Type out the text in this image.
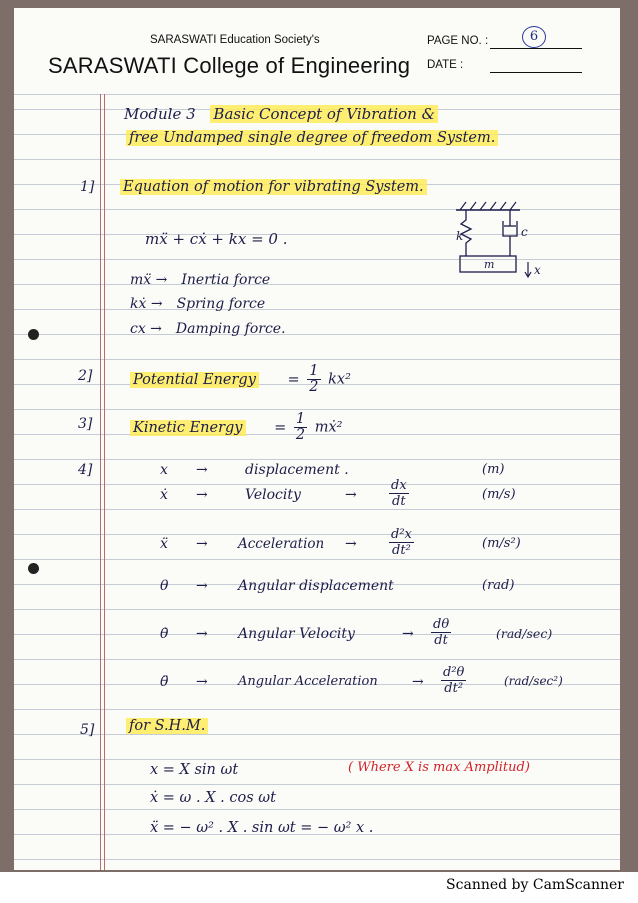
SARASWATI Education Society's
SARASWATI College of Engineering
PAGE NO. :	6
DATE :
Module 3 Basic Concept of Vibration &
free Undamped single degree of freedom System.
1] Equation of motion for vibrating System.
mẍ + cẋ + kx = 0 .	k	c
m	x
mẍ → Inertia force
kẋ → Spring force
cx → Damping force.
2]	Potential Energy = $\frac{1}{2} kx^2$
3]	Kinetic Energy = $\frac{1}{2}$ mẋ²
4]	x →	displacement .	(m)
ẋ →	Velocity	→ $\frac{dx}{dt}$	(m/s)
ẍ → Acceleration → $\frac{\text{d²x}}{\text{dt²}}$	(m/s²)
θ → Angular displacement	(rad)
θ̇ → Angular Velocity	→ $\frac{d\theta}{dt}$	(rad/sec)
θ̈ → Angular Acceleration → $\frac{\text{d²θ}}{\text{dt²}}$	(rad/sec²)
5] for S.H.M.
x = X sin ωt	( Where X is max Amplitud)
ẋ = ω . X . cos ωt
ẍ = − ω² . X . sin ωt = − ω² x .
Scanned by CamScanner
